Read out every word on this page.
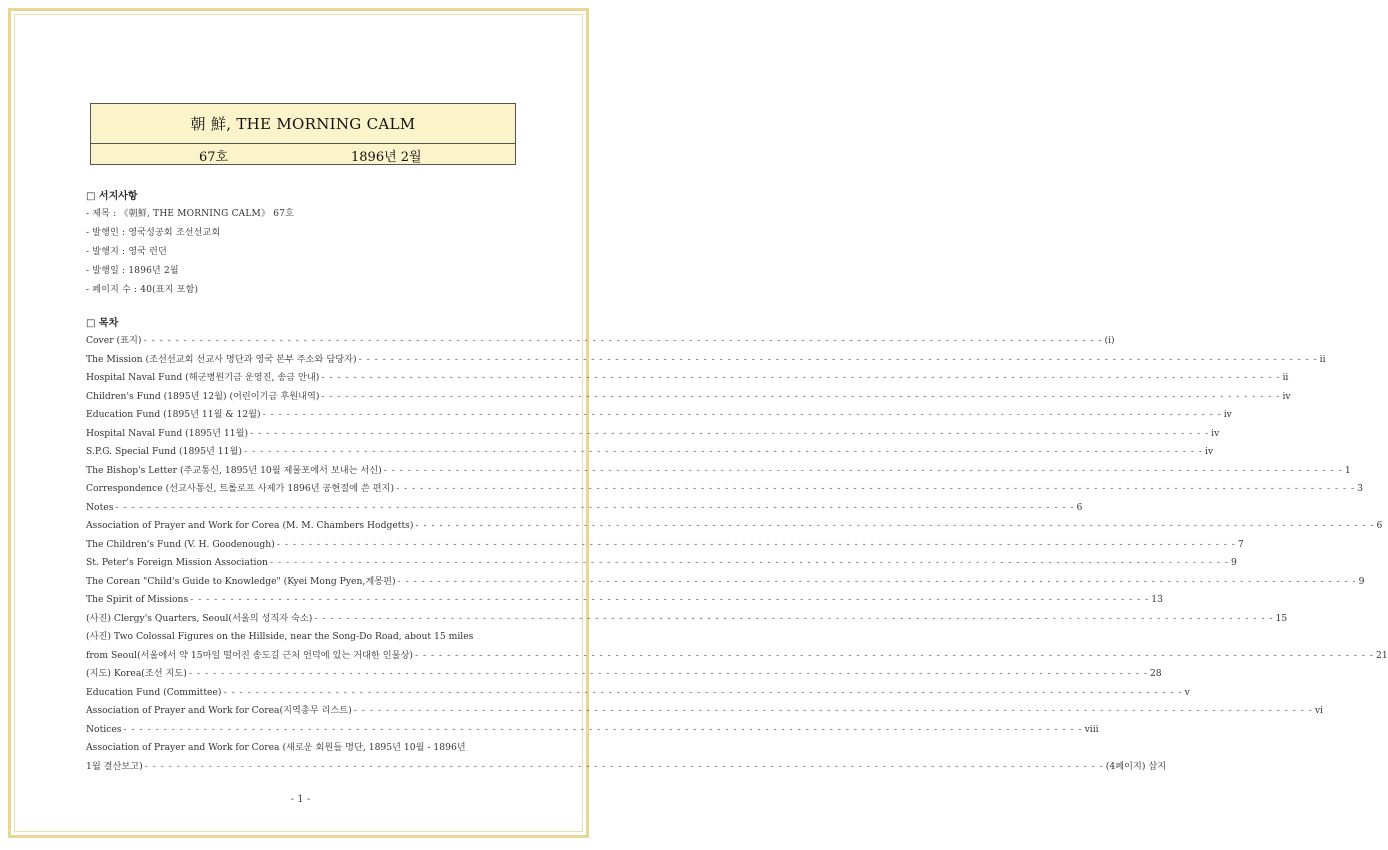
朝 鮮, THE MORNING CALM
67호	1896년 2월
□ 서지사항
- 제목 : 《朝鮮, THE MORNING CALM》 67호
- 발행인 : 영국성공회 조선선교회
- 발행지 : 영국 런던
- 발행일 : 1896년 2월
- 페이지 수 : 40(표지 포함)
□ 목차
Cover (표지) - - - - - - - - - - - - - - - - - - - - - - - - - - - - - - - - - - - - - - - - - - - - - - - - - - - - - - - - - - - - - - - - - - - - - - - - - - - - - - - - - - - - - - - - - - - - - - - - - - - - - - - - - - - - - - - - - - - - - - - - (i)
The Mission (조선선교회 선교사 명단과 영국 본부 주소와 담당자) - - - - - - - - - - - - - - - - - - - - - - - - - - - - - - - - - - - - - - - - - - - - - - - - - - - - - - - - - - - - - - - - - - - - - - - - - - - - - - - - - - - - - - - - - - - - - - - - - - - - - - - - - - - - - - - - - - - - - - - - ii
Hospital Naval Fund (해군병원기금 운영진, 송금 안내) - - - - - - - - - - - - - - - - - - - - - - - - - - - - - - - - - - - - - - - - - - - - - - - - - - - - - - - - - - - - - - - - - - - - - - - - - - - - - - - - - - - - - - - - - - - - - - - - - - - - - - - - - - - - - - - - - - - - - - - - ii
Children's Fund (1895년 12월) (어린이기금 후원내역) - - - - - - - - - - - - - - - - - - - - - - - - - - - - - - - - - - - - - - - - - - - - - - - - - - - - - - - - - - - - - - - - - - - - - - - - - - - - - - - - - - - - - - - - - - - - - - - - - - - - - - - - - - - - - - - - - - - - - - - - iv
Education Fund (1895년 11월 & 12월) - - - - - - - - - - - - - - - - - - - - - - - - - - - - - - - - - - - - - - - - - - - - - - - - - - - - - - - - - - - - - - - - - - - - - - - - - - - - - - - - - - - - - - - - - - - - - - - - - - - - - - - - - - - - - - - - - - - - - - - - iv
Hospital Naval Fund (1895년 11월) - - - - - - - - - - - - - - - - - - - - - - - - - - - - - - - - - - - - - - - - - - - - - - - - - - - - - - - - - - - - - - - - - - - - - - - - - - - - - - - - - - - - - - - - - - - - - - - - - - - - - - - - - - - - - - - - - - - - - - - - iv
S.P.G. Special Fund (1895년 11월) - - - - - - - - - - - - - - - - - - - - - - - - - - - - - - - - - - - - - - - - - - - - - - - - - - - - - - - - - - - - - - - - - - - - - - - - - - - - - - - - - - - - - - - - - - - - - - - - - - - - - - - - - - - - - - - - - - - - - - - - iv
The Bishop's Letter (주교통신, 1895년 10월 제물포에서 보내는 서신) - - - - - - - - - - - - - - - - - - - - - - - - - - - - - - - - - - - - - - - - - - - - - - - - - - - - - - - - - - - - - - - - - - - - - - - - - - - - - - - - - - - - - - - - - - - - - - - - - - - - - - - - - - - - - - - - - - - - - - - - 1
Correspondence (선교사통신, 트롤로프 사제가 1896년 공현절에 쓴 편지) - - - - - - - - - - - - - - - - - - - - - - - - - - - - - - - - - - - - - - - - - - - - - - - - - - - - - - - - - - - - - - - - - - - - - - - - - - - - - - - - - - - - - - - - - - - - - - - - - - - - - - - - - - - - - - - - - - - - - - - - 3
Notes - - - - - - - - - - - - - - - - - - - - - - - - - - - - - - - - - - - - - - - - - - - - - - - - - - - - - - - - - - - - - - - - - - - - - - - - - - - - - - - - - - - - - - - - - - - - - - - - - - - - - - - - - - - - - - - - - - - - - - - - 6
Association of Prayer and Work for Corea (M. M. Chambers Hodgetts) - - - - - - - - - - - - - - - - - - - - - - - - - - - - - - - - - - - - - - - - - - - - - - - - - - - - - - - - - - - - - - - - - - - - - - - - - - - - - - - - - - - - - - - - - - - - - - - - - - - - - - - - - - - - - - - - - - - - - - - - 6
The Children's Fund (V. H. Goodenough) - - - - - - - - - - - - - - - - - - - - - - - - - - - - - - - - - - - - - - - - - - - - - - - - - - - - - - - - - - - - - - - - - - - - - - - - - - - - - - - - - - - - - - - - - - - - - - - - - - - - - - - - - - - - - - - - - - - - - - - - 7
St. Peter's Foreign Mission Association - - - - - - - - - - - - - - - - - - - - - - - - - - - - - - - - - - - - - - - - - - - - - - - - - - - - - - - - - - - - - - - - - - - - - - - - - - - - - - - - - - - - - - - - - - - - - - - - - - - - - - - - - - - - - - - - - - - - - - - - 9
The Corean "Child's Guide to Knowledge" (Kyei Mong Pyen,계몽편) - - - - - - - - - - - - - - - - - - - - - - - - - - - - - - - - - - - - - - - - - - - - - - - - - - - - - - - - - - - - - - - - - - - - - - - - - - - - - - - - - - - - - - - - - - - - - - - - - - - - - - - - - - - - - - - - - - - - - - - - 9
The Spirit of Missions - - - - - - - - - - - - - - - - - - - - - - - - - - - - - - - - - - - - - - - - - - - - - - - - - - - - - - - - - - - - - - - - - - - - - - - - - - - - - - - - - - - - - - - - - - - - - - - - - - - - - - - - - - - - - - - - - - - - - - - - 13
(사진) Clergy's Quarters, Seoul(서울의 성직자 숙소) - - - - - - - - - - - - - - - - - - - - - - - - - - - - - - - - - - - - - - - - - - - - - - - - - - - - - - - - - - - - - - - - - - - - - - - - - - - - - - - - - - - - - - - - - - - - - - - - - - - - - - - - - - - - - - - - - - - - - - - - 15
(사진) Two Colossal Figures on the Hillside, near the Song-Do Road, about 15 miles
from Seoul(서울에서 약 15마일 떨어진 송도길 근처 언덕에 있는 거대한 인물상) - - - - - - - - - - - - - - - - - - - - - - - - - - - - - - - - - - - - - - - - - - - - - - - - - - - - - - - - - - - - - - - - - - - - - - - - - - - - - - - - - - - - - - - - - - - - - - - - - - - - - - - - - - - - - - - - - - - - - - - - 21
(지도) Korea(조선 지도) - - - - - - - - - - - - - - - - - - - - - - - - - - - - - - - - - - - - - - - - - - - - - - - - - - - - - - - - - - - - - - - - - - - - - - - - - - - - - - - - - - - - - - - - - - - - - - - - - - - - - - - - - - - - - - - - - - - - - - - - 28
Education Fund (Committee) - - - - - - - - - - - - - - - - - - - - - - - - - - - - - - - - - - - - - - - - - - - - - - - - - - - - - - - - - - - - - - - - - - - - - - - - - - - - - - - - - - - - - - - - - - - - - - - - - - - - - - - - - - - - - - - - - - - - - - - - v
Association of Prayer and Work for Corea(지역총무 리스트) - - - - - - - - - - - - - - - - - - - - - - - - - - - - - - - - - - - - - - - - - - - - - - - - - - - - - - - - - - - - - - - - - - - - - - - - - - - - - - - - - - - - - - - - - - - - - - - - - - - - - - - - - - - - - - - - - - - - - - - - vi
Notices - - - - - - - - - - - - - - - - - - - - - - - - - - - - - - - - - - - - - - - - - - - - - - - - - - - - - - - - - - - - - - - - - - - - - - - - - - - - - - - - - - - - - - - - - - - - - - - - - - - - - - - - - - - - - - - - - - - - - - - - viii
Association of Prayer and Work for Corea (새로운 회원들 명단, 1895년 10월 - 1896년
1월 결산보고) - - - - - - - - - - - - - - - - - - - - - - - - - - - - - - - - - - - - - - - - - - - - - - - - - - - - - - - - - - - - - - - - - - - - - - - - - - - - - - - - - - - - - - - - - - - - - - - - - - - - - - - - - - - - - - - - - - - - - - - - (4페이지) 삽지
- 1 -
